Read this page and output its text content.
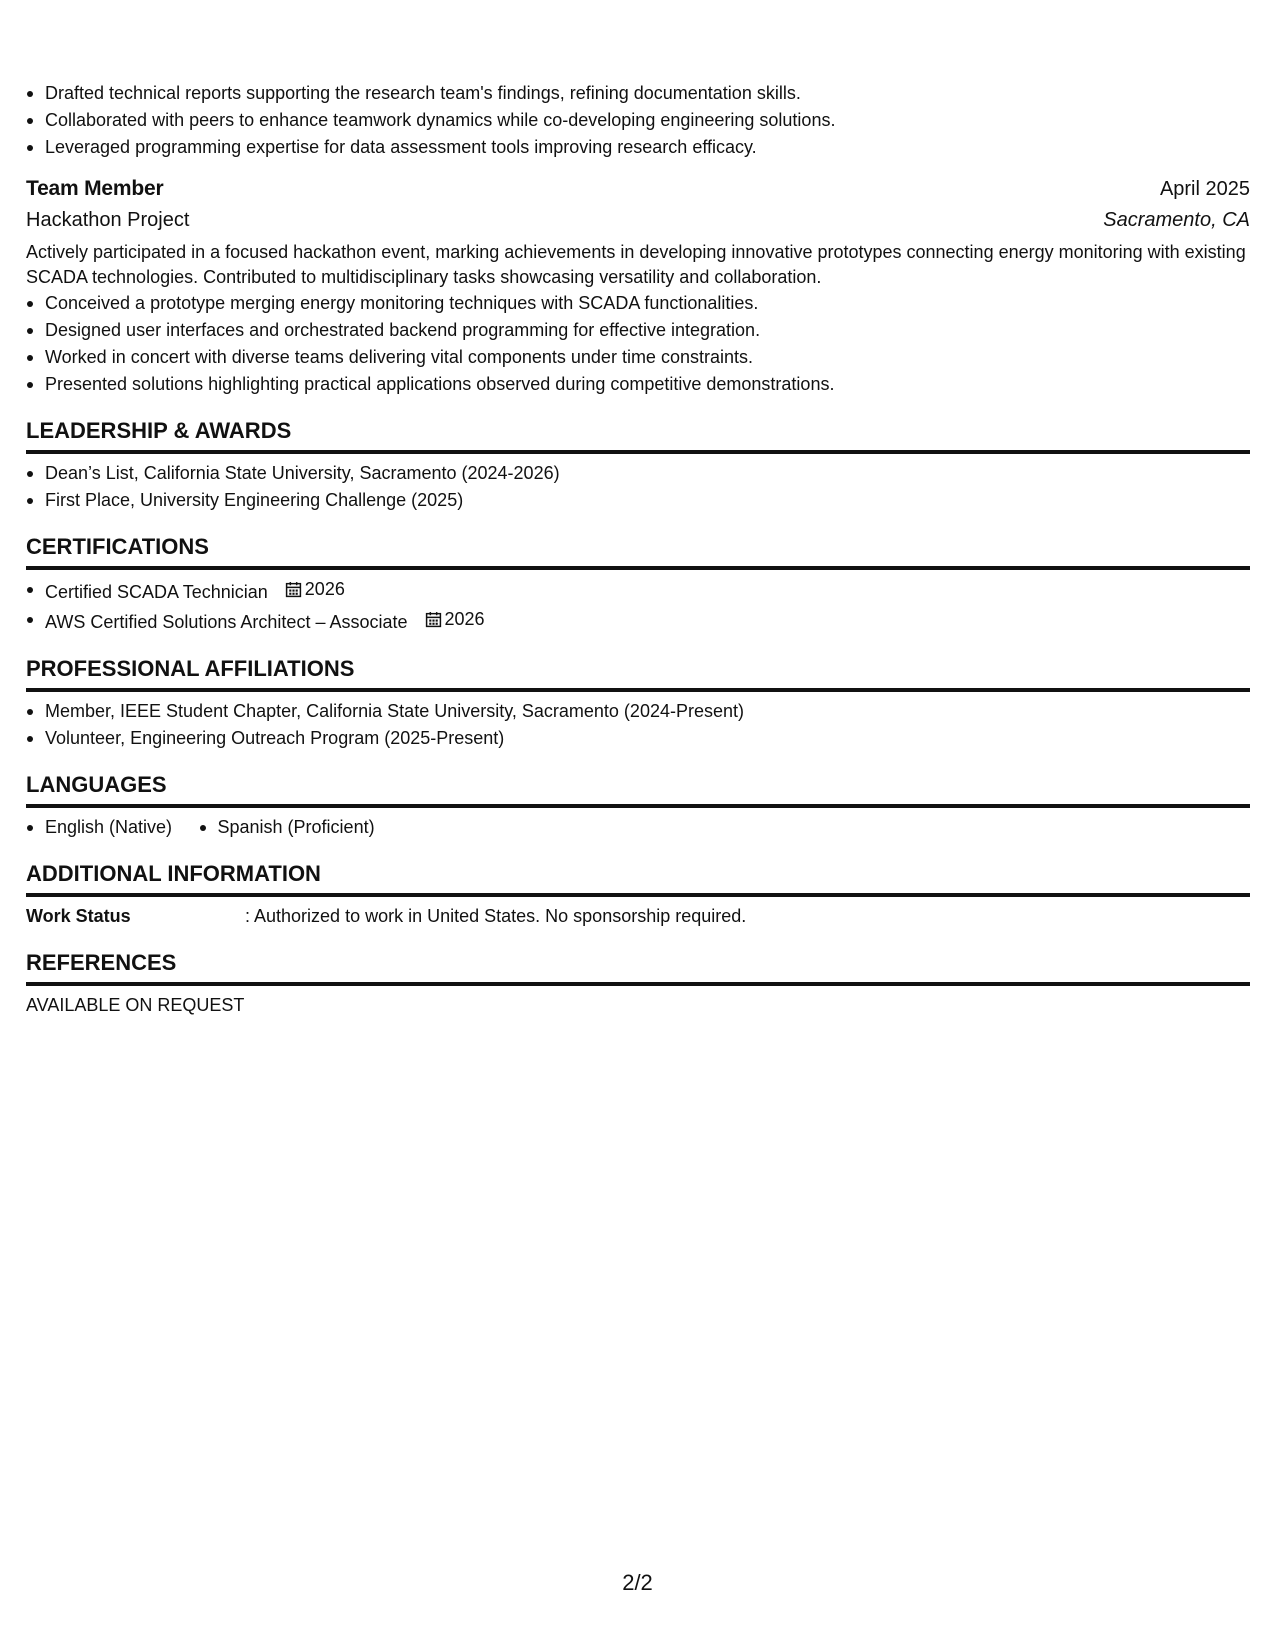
Drafted technical reports supporting the research team's findings, refining documentation skills.
Collaborated with peers to enhance teamwork dynamics while co-developing engineering solutions.
Leveraged programming expertise for data assessment tools improving research efficacy.
Team Member	April 2025
Hackathon Project	Sacramento, CA
Actively participated in a focused hackathon event, marking achievements in developing innovative prototypes connecting energy monitoring with existing SCADA technologies. Contributed to multidisciplinary tasks showcasing versatility and collaboration.
Conceived a prototype merging energy monitoring techniques with SCADA functionalities.
Designed user interfaces and orchestrated backend programming for effective integration.
Worked in concert with diverse teams delivering vital components under time constraints.
Presented solutions highlighting practical applications observed during competitive demonstrations.
LEADERSHIP & AWARDS
Dean’s List, California State University, Sacramento (2024-2026)
First Place, University Engineering Challenge (2025)
CERTIFICATIONS
Certified SCADA Technician 2026
AWS Certified Solutions Architect – Associate 2026
PROFESSIONAL AFFILIATIONS
Member, IEEE Student Chapter, California State University, Sacramento (2024-Present)
Volunteer, Engineering Outreach Program (2025-Present)
LANGUAGES
English (Native)	Spanish (Proficient)
ADDITIONAL INFORMATION
Work Status	: Authorized to work in United States. No sponsorship required.
REFERENCES
AVAILABLE ON REQUEST
2/2
